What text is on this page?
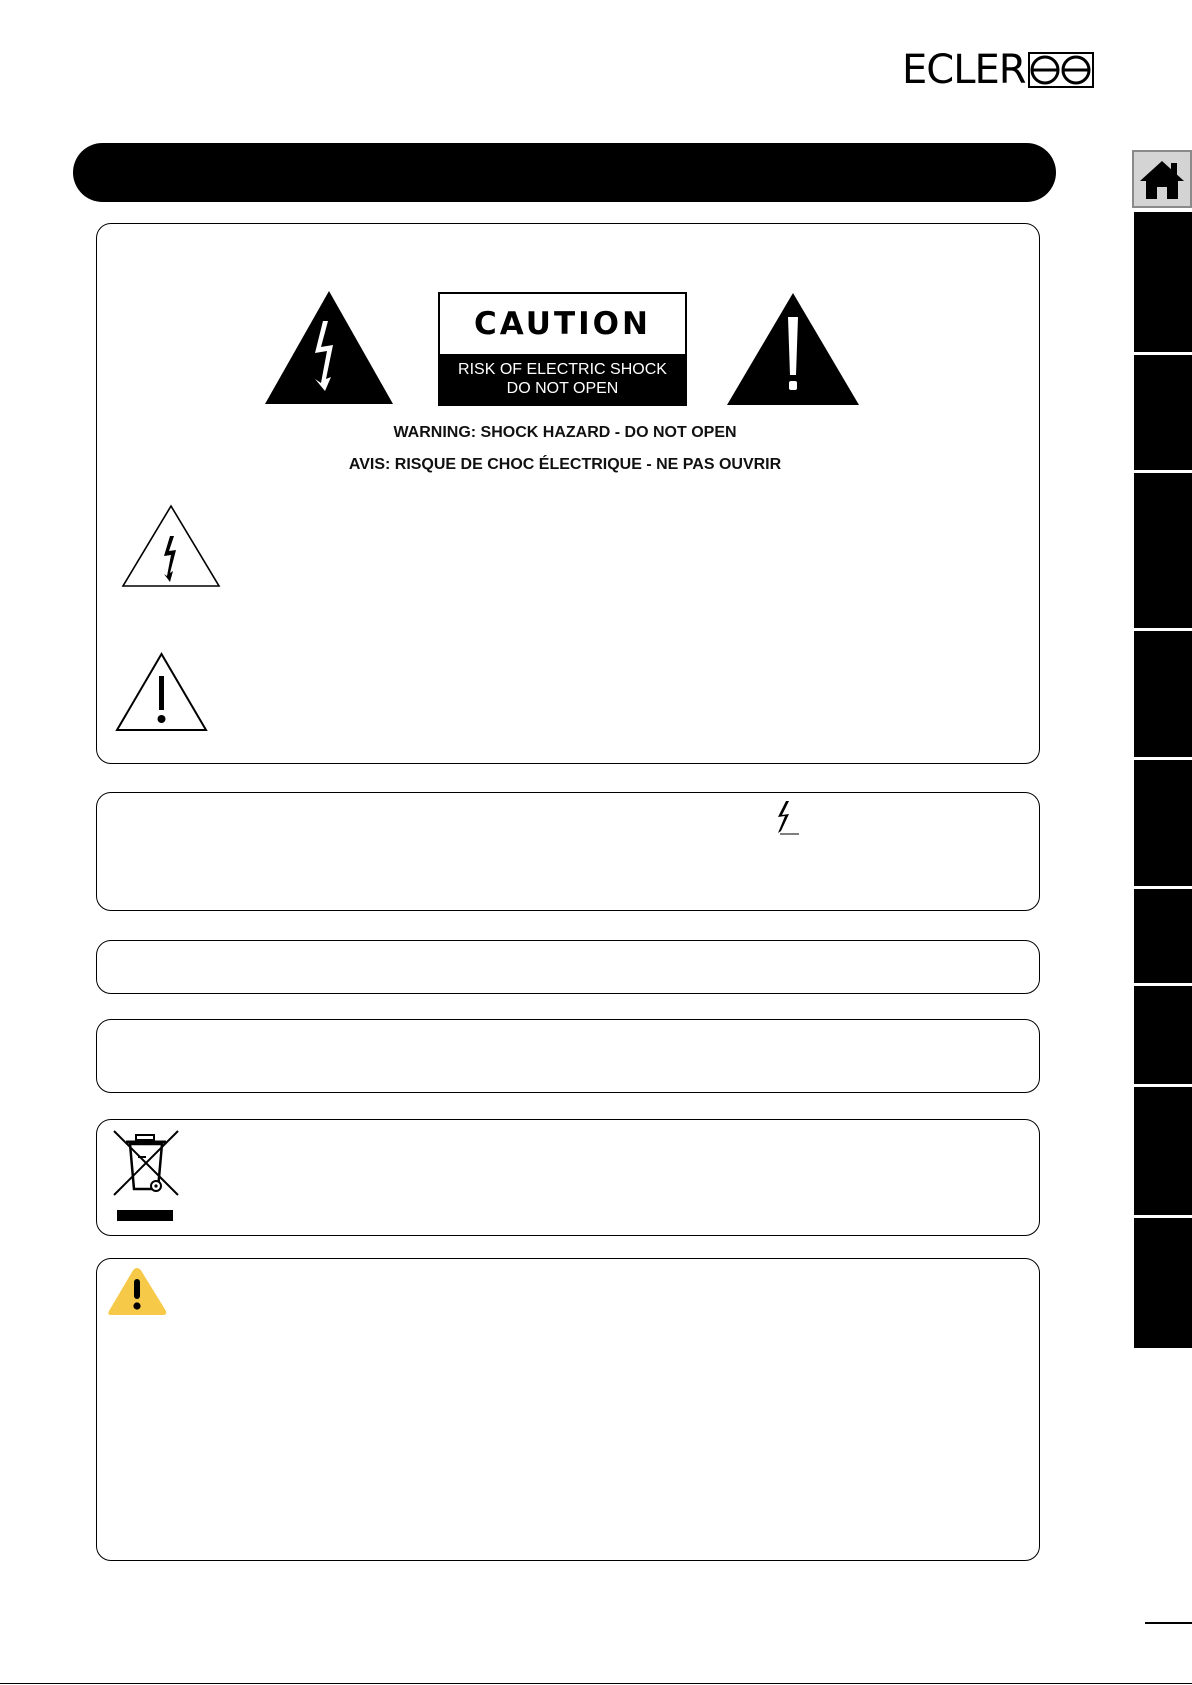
ECLER
CAUTION
RISK OF ELECTRIC SHOCK
DO NOT OPEN
WARNING: SHOCK HAZARD - DO NOT OPEN
AVIS: RISQUE DE CHOC ÉLECTRIQUE - NE PAS OUVRIR
